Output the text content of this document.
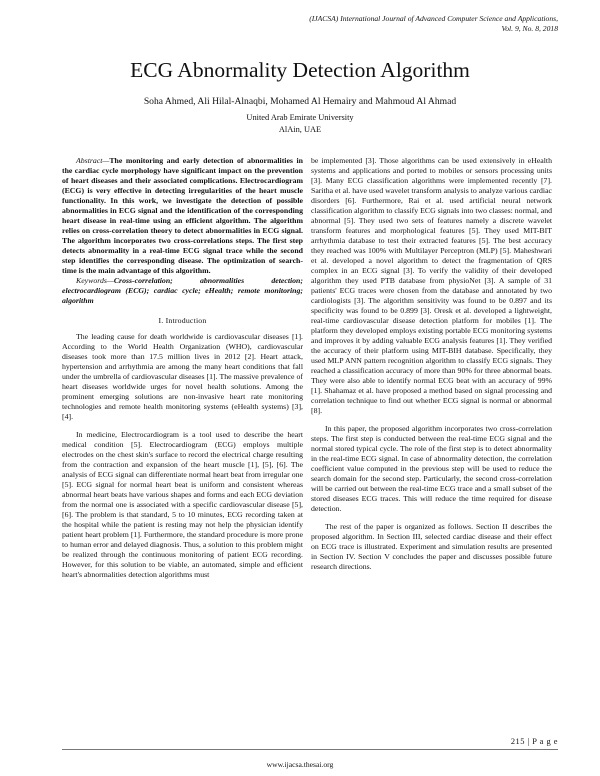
(IJACSA) International Journal of Advanced Computer Science and Applications,
Vol. 9, No. 8, 2018
ECG Abnormality Detection Algorithm
Soha Ahmed, Ali Hilal-Alnaqbi, Mohamed Al Hemairy and Mahmoud Al Ahmad
United Arab Emirate University
AlAin, UAE

Abstract—The monitoring and early detection of abnormalities in the cardiac cycle morphology have significant impact on the prevention of heart diseases and their associated complications. Electrocardiogram (ECG) is very effective in detecting irregularities of the heart muscle functionality. In this work, we investigate the detection of possible abnormalities in ECG signal and the identification of the corresponding heart disease in real-time using an efficient algorithm. The algorithm relies on cross-correlation theory to detect abnormalities in ECG signal. The algorithm incorporates two cross-correlations steps. The first step detects abnormality in a real-time ECG signal trace while the second step identifies the corresponding disease. The optimization of search-time is the main advantage of this algorithm.

Keywords—Cross-correlation; abnormalities detection; electrocardiogram (ECG); cardiac cycle; eHealth; remote monitoring; algorithm

I. Introduction

The leading cause for death worldwide is cardiovascular diseases [1]. According to the World Health Organization (WHO), cardiovascular diseases took more than 17.5 million lives in 2012 [2]. Heart attack, hypertension and arrhythmia are among the many heart conditions that fall under the umbrella of cardiovascular diseases [1]. The massive prevalence of heart diseases worldwide urges for novel health solutions. Among the prominent emerging solutions are non-invasive heart rate monitoring technologies and remote health monitoring systems (eHealth systems) [3], [4].

In medicine, Electrocardiogram is a tool used to describe the heart medical condition [5]. Electrocardiogram (ECG) employs multiple electrodes on the chest skin's surface to record the electrical charge resulting from the contraction and expansion of the heart muscle [1], [5], [6]. The analysis of ECG signal can differentiate normal heart beat from irregular one [5]. ECG signal for normal heart beat is uniform and consistent whereas abnormal heart beats have various shapes and forms and each ECG deviation from the normal one is associated with a specific cardiovascular disease [5], [6]. The problem is that standard, 5 to 10 minutes, ECG recording taken at the hospital while the patient is resting may not help the physician identify patient heart problem [1]. Furthermore, the standard procedure is more prone to human error and delayed diagnosis. Thus, a solution to this problem might be realized through the continuous monitoring of patient ECG recording. However, for this solution to be viable, an automated, simple and efficient heart's abnormalities detection algorithms must

be implemented [3]. Those algorithms can be used extensively in eHealth systems and applications and ported to mobiles or sensors processing units [3]. Many ECG classification algorithms were implemented recently [7]. Saritha et al. have used wavelet transform analysis to analyze various cardiac disorders [6]. Furthermore, Rai et al. used artificial neural network classification algorithm to classify ECG signals into two classes: normal, and abnormal [5]. They used two sets of features namely a discrete wavelet transform features and morphological features [5]. They used MIT-BIT arrhythmia database to test their extracted features [5]. The best accuracy they reached was 100% with Multilayer Perceptron (MLP) [5]. Maheshwari et al. developed a novel algorithm to detect the fragmentation of QRS complex in an ECG signal [3]. To verify the validity of their developed algorithm they used PTB database from physioNet [3]. A sample of 31 patients' ECG traces were chosen from the database and annotated by two cardiologists [3]. The algorithm sensitivity was found to be 0.897 and its specificity was found to be 0.899 [3]. Oresk et al. developed a lightweight, real-time cardiovascular disease detection platform for mobiles [1]. The platform they developed employs existing portable ECG monitoring systems and improves it by adding valuable ECG analysis features [1]. They verified the accuracy of their platform using MIT-BIH database. Specifically, they used MLP ANN pattern recognition algorithm to classify ECG signals. They reached a classification accuracy of more than 90% for three abnormal beats. They were also able to identify normal ECG beat with an accuracy of 99% [1]. Shahamaz et al. have proposed a method based on signal processing and correlation technique to find out whether ECG signal is normal or abnormal [8].

In this paper, the proposed algorithm incorporates two cross-correlation steps. The first step is conducted between the real-time ECG signal and the normal stored typical cycle. The role of the first step is to detect abnormality in the real-time ECG signal. In case of abnormality detection, the correlation coefficient value computed in the previous step will be used to reduce the search domain for the second step. Particularly, the second cross-correlation will be carried out between the real-time ECG trace and a small subset of the stored diseases ECG traces. This will reduce the time required for disease detection.

The rest of the paper is organized as follows. Section II describes the proposed algorithm. In Section III, selected cardiac disease and their effect on ECG trace is illustrated. Experiment and simulation results are presented in Section IV. Section V concludes the paper and discusses possible future research directions.

215 | P a g e
www.ijacsa.thesai.org
